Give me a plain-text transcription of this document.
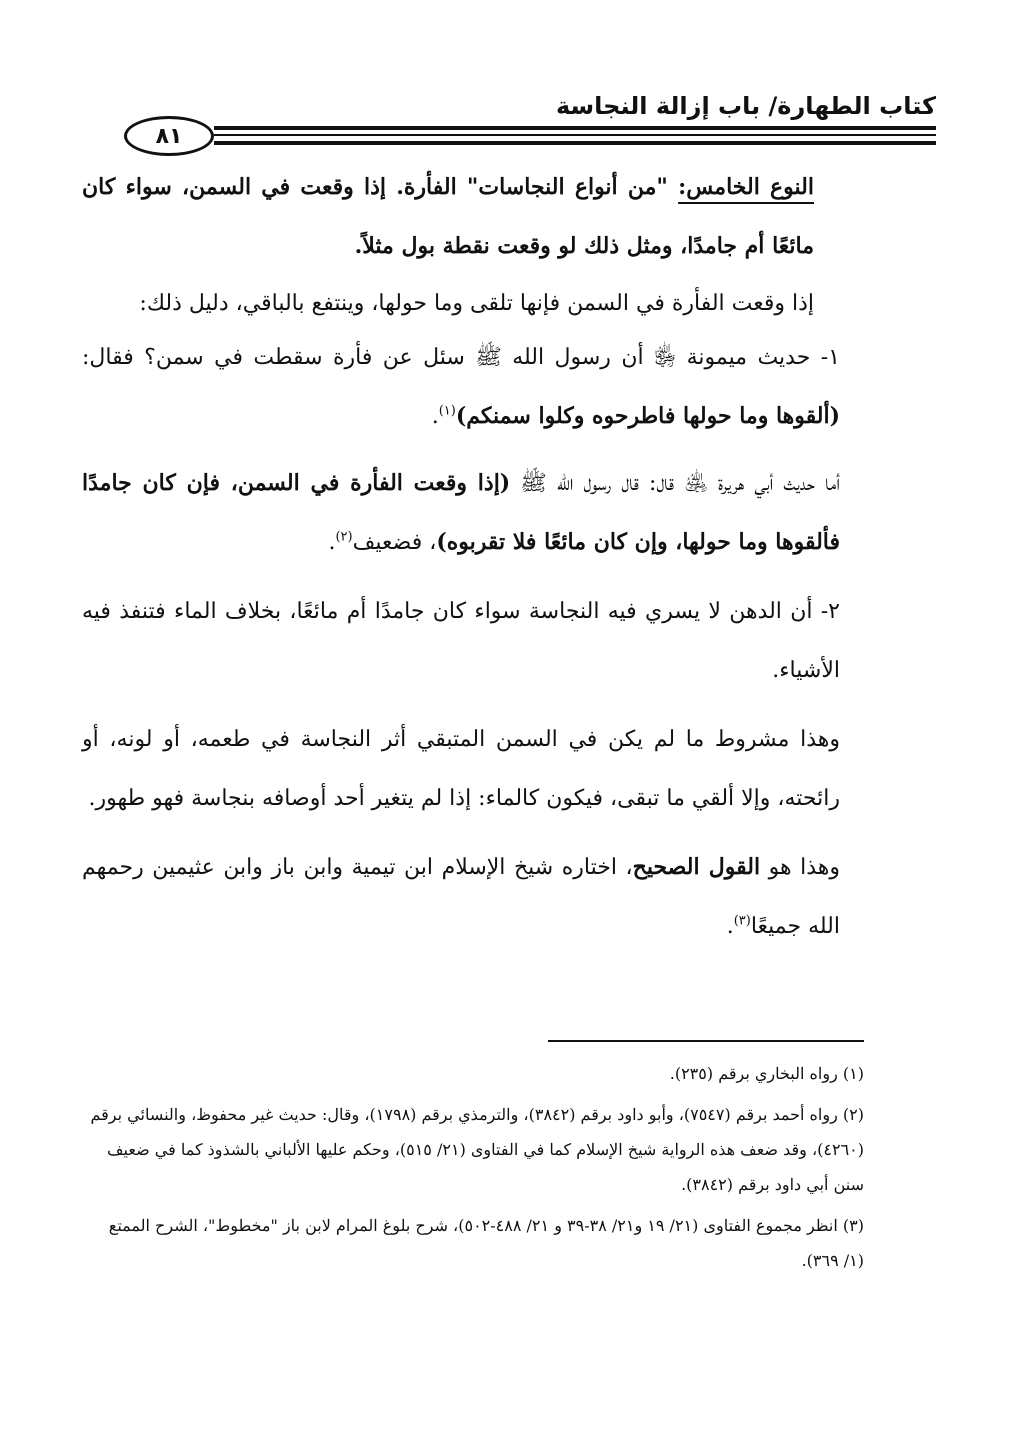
كتاب الطهارة/ باب إزالة النجاسة
٨١
النوع الخامس: "من أنواع النجاسات" الفأرة. إذا وقعت في السمن، سواء كان مائعًا أم جامدًا، ومثل ذلك لو وقعت نقطة بول مثلاً.
إذا وقعت الفأرة في السمن فإنها تلقى وما حولها، وينتفع بالباقي، دليل ذلك:
١- حديث ميمونة ﵂ أن رسول الله ﷺ سئل عن فأرة سقطت في سمن؟ فقال: (ألقوها وما حولها فاطرحوه وكلوا سمنكم)$^{(١)}$.
أما حديث أبي هريرة ﵁ قال: قال رسول الله ﷺ (إذا وقعت الفأرة في السمن، فإن كان جامدًا فألقوها وما حولها، وإن كان مائعًا فلا تقربوه)، فضعيف$^{(٢)}$.
٢- أن الدهن لا يسري فيه النجاسة سواء كان جامدًا أم مائعًا، بخلاف الماء فتنفذ فيه الأشياء.
وهذا مشروط ما لم يكن في السمن المتبقي أثر النجاسة في طعمه، أو لونه، أو رائحته، وإلا ألقي ما تبقى، فيكون كالماء: إذا لم يتغير أحد أوصافه بنجاسة فهو طهور.
وهذا هو القول الصحيح، اختاره شيخ الإسلام ابن تيمية وابن باز وابن عثيمين رحمهم الله جميعًا$^{(٣)}$.

(١) رواه البخاري برقم (٢٣٥).

(٢) رواه أحمد برقم (٧٥٤٧)، وأبو داود برقم (٣٨٤٢)، والترمذي برقم (١٧٩٨)، وقال: حديث غير محفوظ، والنسائي برقم (٤٢٦٠)، وقد ضعف هذه الرواية شيخ الإسلام كما في الفتاوى (٢١/ ٥١٥)، وحكم عليها الألباني بالشذوذ كما في ضعيف سنن أبي داود برقم (٣٨٤٢).

(٣) انظر مجموع الفتاوى (٢١/ ١٩ و٢١/ ٣٨-٣٩ و ٢١/ ٤٨٨-٥٠٢)، شرح بلوغ المرام لابن باز "مخطوط"، الشرح الممتع (١/ ٣٦٩).
